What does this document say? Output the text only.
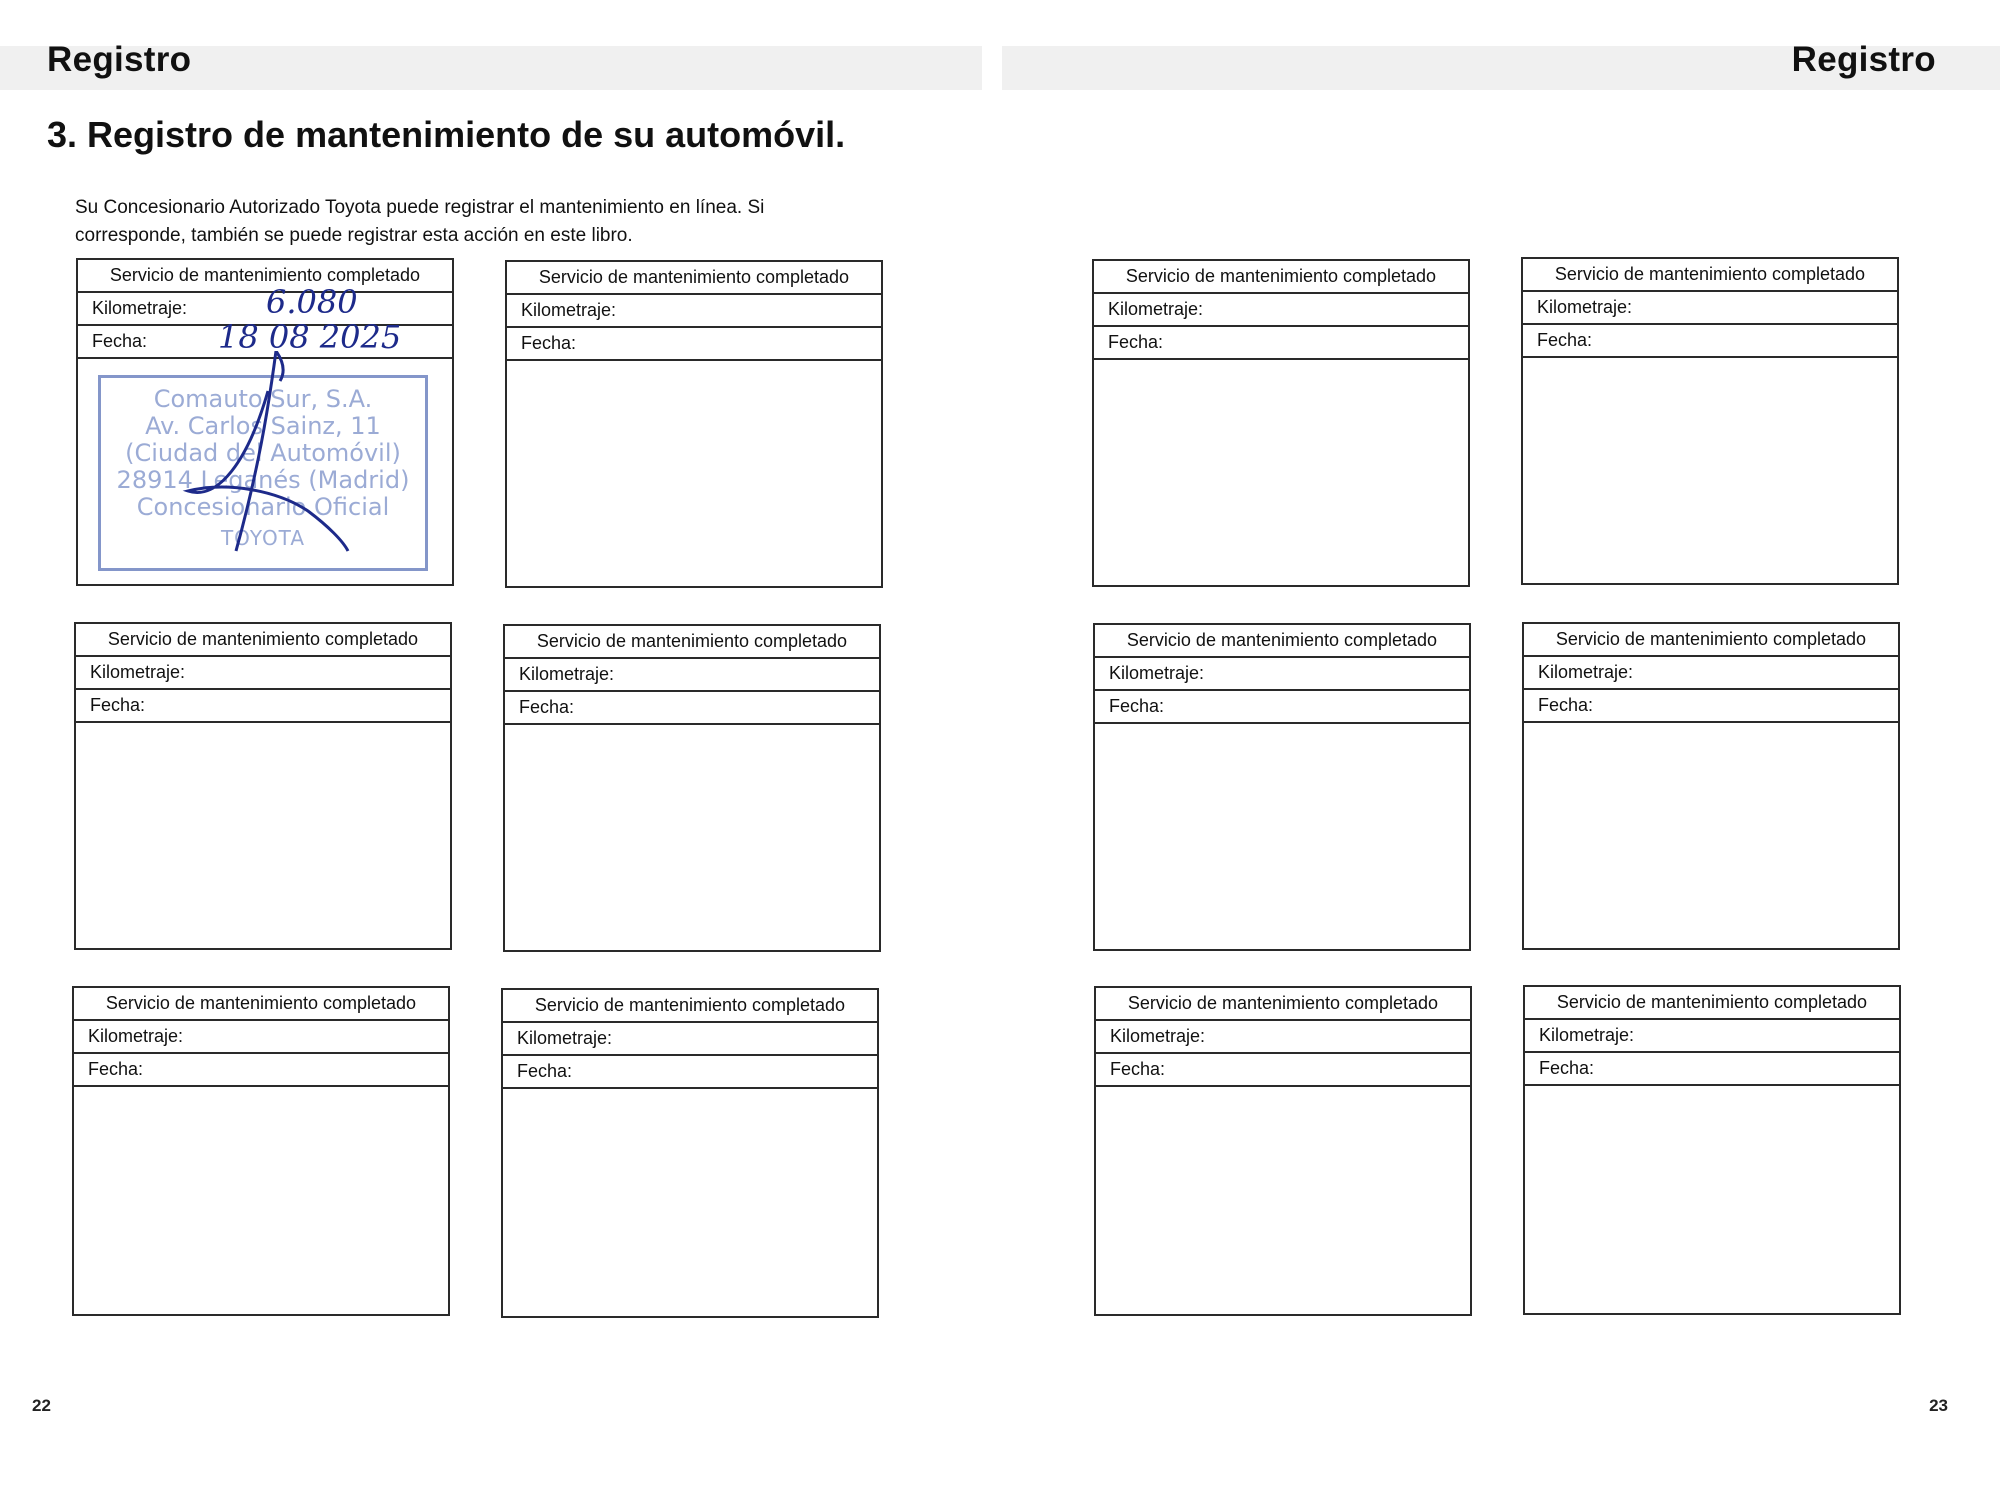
Registro
3. Registro de mantenimiento de su automóvil.
Su Concesionario Autorizado Toyota puede registrar el mantenimiento en línea. Si corresponde, también se puede registrar esta acción en este libro.
Servicio de mantenimiento completado
Kilometraje: 6.080
Fecha: 18 08 2025
Comauto Sur, S.A.
Av. Carlos Sainz, 11
(Ciudad del Automóvil)
28914 Leganés (Madrid)
Concesionario Oficial
TOYOTA
Servicio de mantenimiento completado
Kilometraje:
Fecha:
Servicio de mantenimiento completado
Kilometraje:
Fecha:
Servicio de mantenimiento completado
Kilometraje:
Fecha:
Servicio de mantenimiento completado
Kilometraje:
Fecha:
Servicio de mantenimiento completado
Kilometraje:
Fecha:
22
Registro
Servicio de mantenimiento completado
Kilometraje:
Fecha:
Servicio de mantenimiento completado
Kilometraje:
Fecha:
Servicio de mantenimiento completado
Kilometraje:
Fecha:
Servicio de mantenimiento completado
Kilometraje:
Fecha:
Servicio de mantenimiento completado
Kilometraje:
Fecha:
Servicio de mantenimiento completado
Kilometraje:
Fecha:
23
